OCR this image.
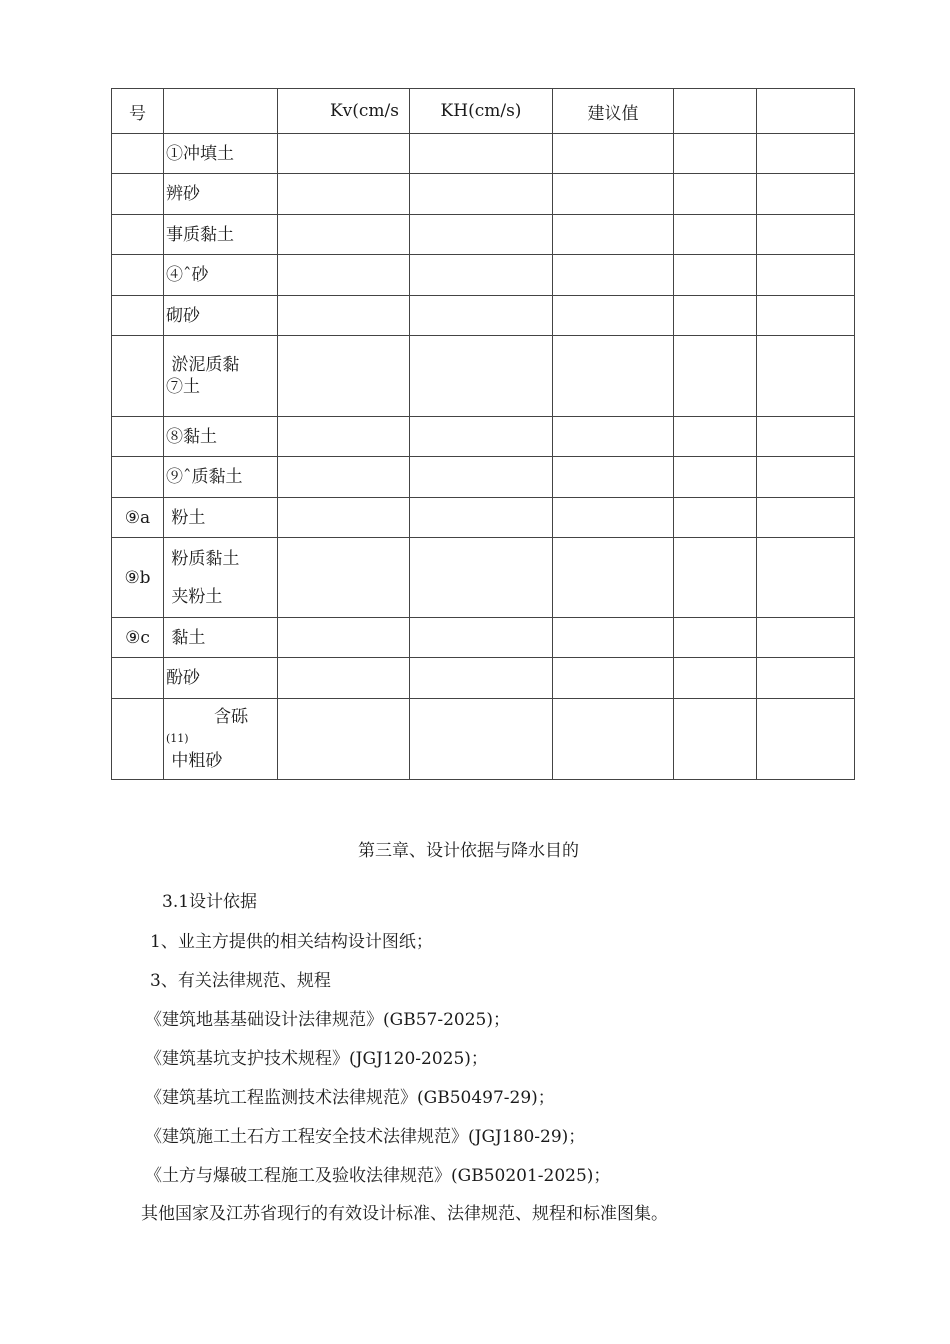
号		Kv(cm/s	KH(cm/s)	建议值		

	①冲填土					

	辨砂					

	事质黏土					

	④ˆ砂					

	砌砂					

	淤泥质黏
⑦土					

	⑧黏土					

	⑨ˆ质黏土					

⑨a	粉土					

⑨b	粉质黏土
夹粉土					

⑨c	黏土					

	酚砂					

	含砾
(11)
中粗砂					

第三章、设计依据与降水目的
3.1设计依据
1、业主方提供的相关结构设计图纸；
3、有关法律规范、规程
《建筑地基基础设计法律规范》(GB57-2025)；
《建筑基坑支护技术规程》(JGJ120-2025)；
《建筑基坑工程监测技术法律规范》(GB50497-29)；
《建筑施工土石方工程安全技术法律规范》(JGJ180-29)；
《土方与爆破工程施工及验收法律规范》(GB50201-2025)；
其他国家及江苏省现行的有效设计标准、法律规范、规程和标准图集。
